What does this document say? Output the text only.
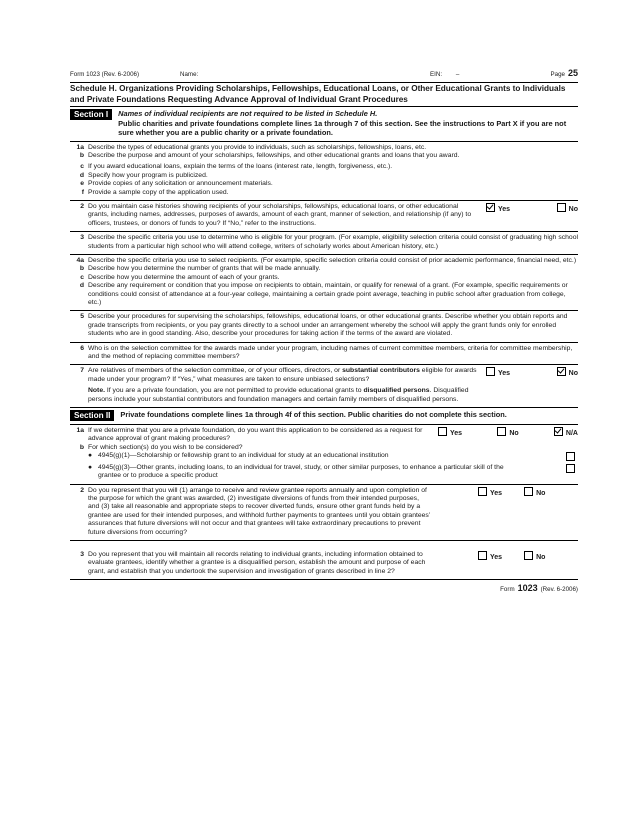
Form 1023 (Rev. 6-2006)	Name:	EIN: –	Page 25
Schedule H. Organizations Providing Scholarships, Fellowships, Educational Loans, or Other Educational Grants to Individuals and Private Foundations Requesting Advance Approval of Individual Grant Procedures
Section I	Names of individual recipients are not required to be listed in Schedule H.
Public charities and private foundations complete lines 1a through 7 of this section. See the instructions to Part X if you are not sure whether you are a public charity or a private foundation.
1a Describe the types of educational grants you provide to individuals, such as scholarships, fellowships, loans, etc.
b Describe the purpose and amount of your scholarships, fellowships, and other educational grants and loans that you award.
c If you award educational loans, explain the terms of the loans (interest rate, length, forgiveness, etc.).
d Specify how your program is publicized.
e Provide copies of any solicitation or announcement materials.
f Provide a sample copy of the application used.
2 Do you maintain case histories showing recipients of your scholarships, fellowships, educational loans, or other educational grants, including names, addresses, purposes of awards, amount of each grant, manner of selection, and relationship (if any) to officers, trustees, or donors of funds to you? If “No,” refer to the instructions.
Yes	No
3 Describe the specific criteria you use to determine who is eligible for your program. (For example, eligibility selection criteria could consist of graduating high school students from a particular high school who will attend college, writers of scholarly works about American history, etc.)
4a Describe the specific criteria you use to select recipients. (For example, specific selection criteria could consist of prior academic performance, financial need, etc.)
b Describe how you determine the number of grants that will be made annually.
c Describe how you determine the amount of each of your grants.
d Describe any requirement or condition that you impose on recipients to obtain, maintain, or qualify for renewal of a grant. (For example, specific requirements or conditions could consist of attendance at a four-year college, maintaining a certain grade point average, teaching in public school after graduation from college, etc.)
5 Describe your procedures for supervising the scholarships, fellowships, educational loans, or other educational grants. Describe whether you obtain reports and grade transcripts from recipients, or you pay grants directly to a school under an arrangement whereby the school will apply the grant funds only for enrolled students who are in good standing. Also, describe your procedures for taking action if the terms of the award are violated.
6 Who is on the selection committee for the awards made under your program, including names of current committee members, criteria for committee membership, and the method of replacing committee members?
7 Are relatives of members of the selection committee, or of your officers, directors, or substantial contributors eligible for awards made under your program? If “Yes,” what measures are taken to ensure unbiased selections?
Yes	No
Note. If you are a private foundation, you are not permitted to provide educational grants to disqualified persons. Disqualified persons include your substantial contributors and foundation managers and certain family members of disqualified persons.
Section II	Private foundations complete lines 1a through 4f of this section. Public charities do not complete this section.
1a If we determine that you are a private foundation, do you want this application to be considered as a request for advance approval of grant making procedures?
Yes	No	N/A
b For which section(s) do you wish to be considered?
● 4945(g)(1)—Scholarship or fellowship grant to an individual for study at an educational institution
● 4945(g)(3)—Other grants, including loans, to an individual for travel, study, or other similar purposes, to enhance a particular skill of the grantee or to produce a specific product
2 Do you represent that you will (1) arrange to receive and review grantee reports annually and upon completion of the purpose for which the grant was awarded, (2) investigate diversions of funds from their intended purposes, and (3) take all reasonable and appropriate steps to recover diverted funds, ensure other grant funds held by a grantee are used for their intended purposes, and withhold further payments to grantees until you obtain grantees’ assurances that future diversions will not occur and that grantees will take extraordinary precautions to prevent future diversions from occurring?
Yes	No
3 Do you represent that you will maintain all records relating to individual grants, including information obtained to evaluate grantees, identify whether a grantee is a disqualified person, establish the amount and purpose of each grant, and establish that you undertook the supervision and investigation of grants described in line 2?
Yes	No
Form 1023 (Rev. 6-2006)
